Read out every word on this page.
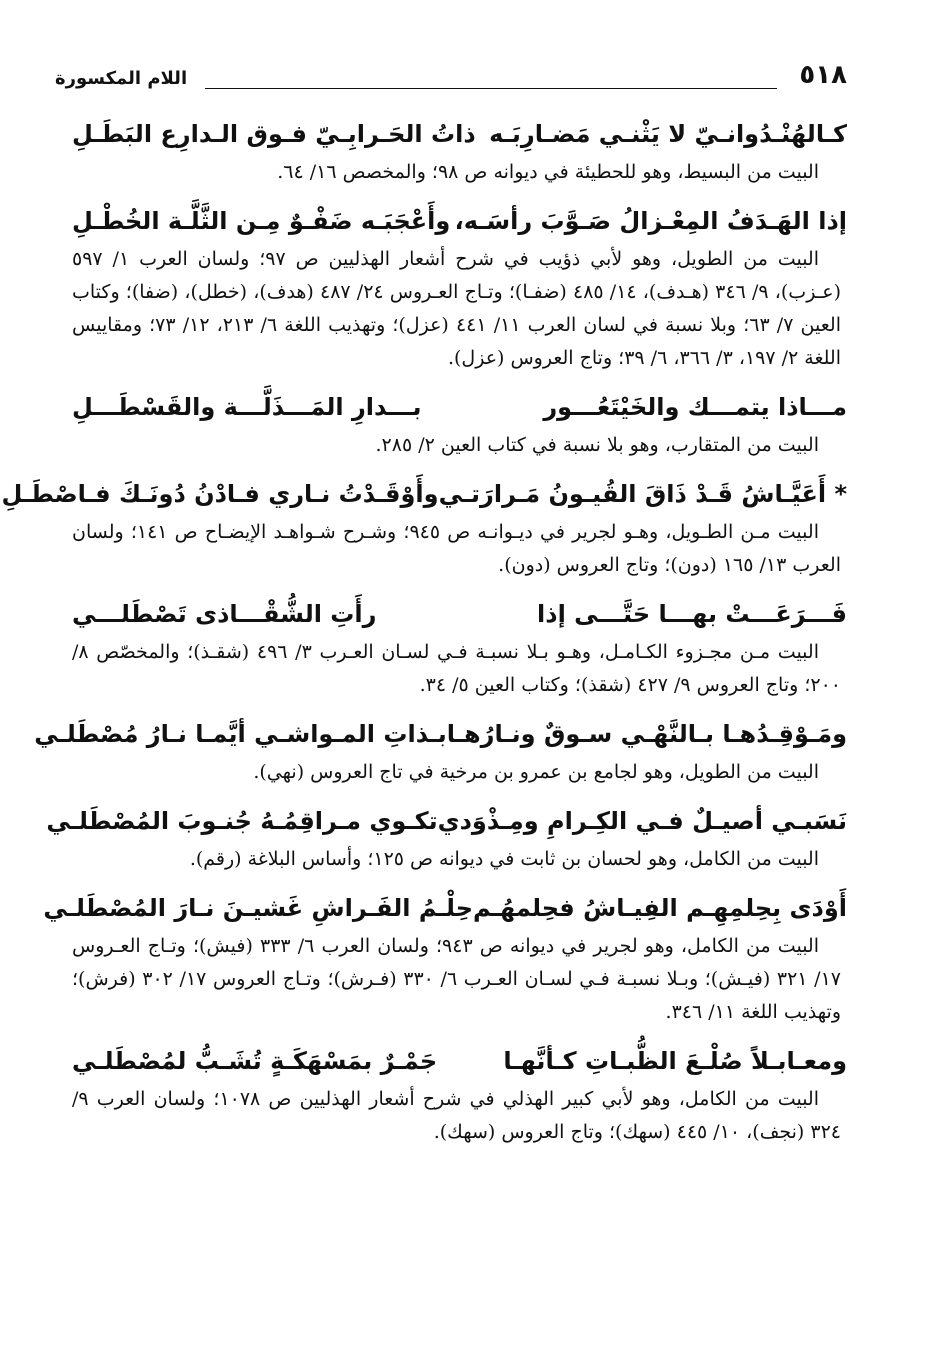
٥١٨
اللام المكسورة
كـالهُنْـدُوانـيّ لا يَثْنـي مَضـارِبَـه
ذاتُ الحَـرابِـيّ فـوق الـدارِع البَطَـلِ
البيت من البسيط، وهو للحطيئة في ديوانه ص ٩٨؛ والمخصص ١٦/ ٦٤.
إذا الهَـدَفُ المِعْـزالُ صَـوَّبَ رأسَـه،
وأَعْجَبَـه ضَفْـوٌ مِـن الثَّلَّـة الخُطْـلِ
البيت من الطويل، وهو لأبي ذؤيب في شرح أشعار الهذليين ص ٩٧؛ ولسان العرب ١/ ٥٩٧ (عـزب)، ٩/ ٣٤٦ (هـدف)، ١٤/ ٤٨٥ (ضفـا)؛ وتـاج العـروس ٢٤/ ٤٨٧ (هدف)، (خطل)، (ضفا)؛ وكتاب العين ٧/ ٦٣؛ وبلا نسبة في لسان العرب ١١/ ٤٤١ (عزل)؛ وتهذيب اللغة ٦/ ٢١٣، ١٢/ ٧٣؛ ومقاييس اللغة ٢/ ١٩٧، ٣/ ٣٦٦، ٦/ ٣٩؛ وتاج العروس (عزل).
مـــاذا يتمـــك والخَيْتَعُـــور
بـــدارِ المَـــذَلَّـــة والقَسْطَـــلِ
البيت من المتقارب، وهو بلا نسبة في كتاب العين ٢/ ٢٨٥.
* أَعَيَّـاشُ قَـدْ ذَاقَ القُيـونُ مَـرارَتـي
وأَوْقَـدْتُ نـاري فـادْنُ دُونَـكَ فـاصْطَـلِ
البيت مـن الطـويل، وهـو لجرير في ديـوانـه ص ٩٤٥؛ وشـرح شـواهـد الإيضـاح ص ١٤١؛ ولسان العرب ١٣/ ١٦٥ (دون)؛ وتاج العروس (دون).
فَـــرَعَـــتْ بهـــا حَتَّـــى إذا
رأَتِ الشُّقْـــاذى تَصْطَلـــي
البيت مـن مجـزوء الكـامـل، وهـو بـلا نسبـة فـي لسـان العـرب ٣/ ٤٩٦ (شقـذ)؛ والمخصّص ٨/ ٢٠٠؛ وتاج العروس ٩/ ٤٢٧ (شقذ)؛ وكتاب العين ٥/ ٣٤.
ومَـوْقِـدُهـا بـالنَّهْـي سـوقٌ ونـارُهـا
بـذاتِ المـواشـي أيَّمـا نـارُ مُصْطَلـي
البيت من الطويل، وهو لجامع بن عمرو بن مرخية في تاج العروس (نهي).
نَسَبـي أصيـلٌ فـي الكِـرامِ ومِـذْوَدي
تكـوي مـراقِمُـهُ جُنـوبَ المُصْطَلـي
البيت من الكامل، وهو لحسان بن ثابت في ديوانه ص ١٢٥؛ وأساس البلاغة (رقم).
أَوْدَى بِحِلمِهِـم الفِيـاشُ فحِلمهُـم
حِلْـمُ الفَـراشِ غَشيـنَ نـارَ المُصْطَلـي
البيت من الكامل، وهو لجرير في ديوانه ص ٩٤٣؛ ولسان العرب ٦/ ٣٣٣ (فيش)؛ وتـاج العـروس ١٧/ ٣٢١ (فيـش)؛ وبـلا نسبـة فـي لسـان العـرب ٦/ ٣٣٠ (فـرش)؛ وتـاج العروس ١٧/ ٣٠٢ (فرش)؛ وتهذيب اللغة ١١/ ٣٤٦.
ومعـابـلاً صُلْـعَ الظُّبـاتِ كـأنَّهـا
جَمْـرٌ بمَسْهَكَـةٍ تُشَـبُّ لمُصْطَلـي
البيت من الكامل، وهو لأبي كبير الهذلي في شرح أشعار الهذليين ص ١٠٧٨؛ ولسان العرب ٩/ ٣٢٤ (نجف)، ١٠/ ٤٤٥ (سهك)؛ وتاج العروس (سهك).
